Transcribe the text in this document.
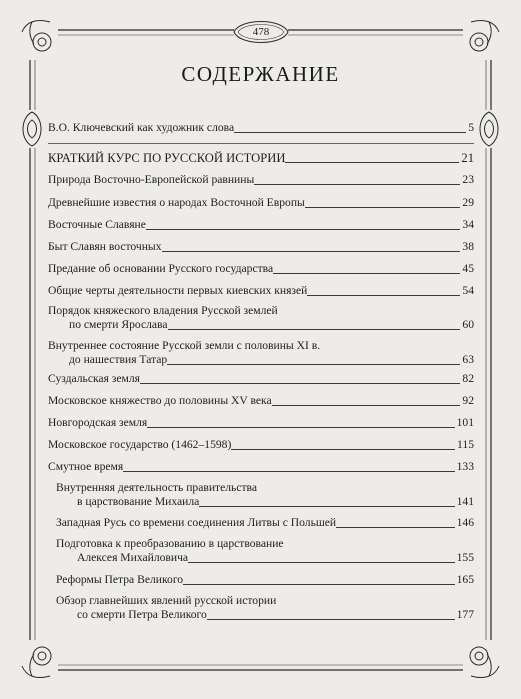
478
СОДЕРЖАНИЕ
В.О. Ключевский как художник слова	5
КРАТКИЙ КУРС ПО РУССКОЙ ИСТОРИИ	21
Природа Восточно-Европейской равнины	23
Древнейшие известия о народах Восточной Европы	29
Восточные Славяне	34
Быт Славян восточных	38
Предание об основании Русского государства	45
Общие черты деятельности первых киевских князей	54
Порядок княжеского владения Русской землей
по смерти Ярослава	60
Внутреннее состояние Русской земли с половины XI в.
до нашествия Татар	63
Суздальская земля	82
Московское княжество до половины XV века	92
Новгородская земля	101
Московское государство (1462–1598)	115
Смутное время	133
Внутренняя деятельность правительства
в царствование Михаила	141
Западная Русь со времени соединения Литвы с Польшей	146
Подготовка к преобразованию в царствование
Алексея Михайловича	155
Реформы Петра Великого	165
Обзор главнейших явлений русской истории
со смерти Петра Великого	177
